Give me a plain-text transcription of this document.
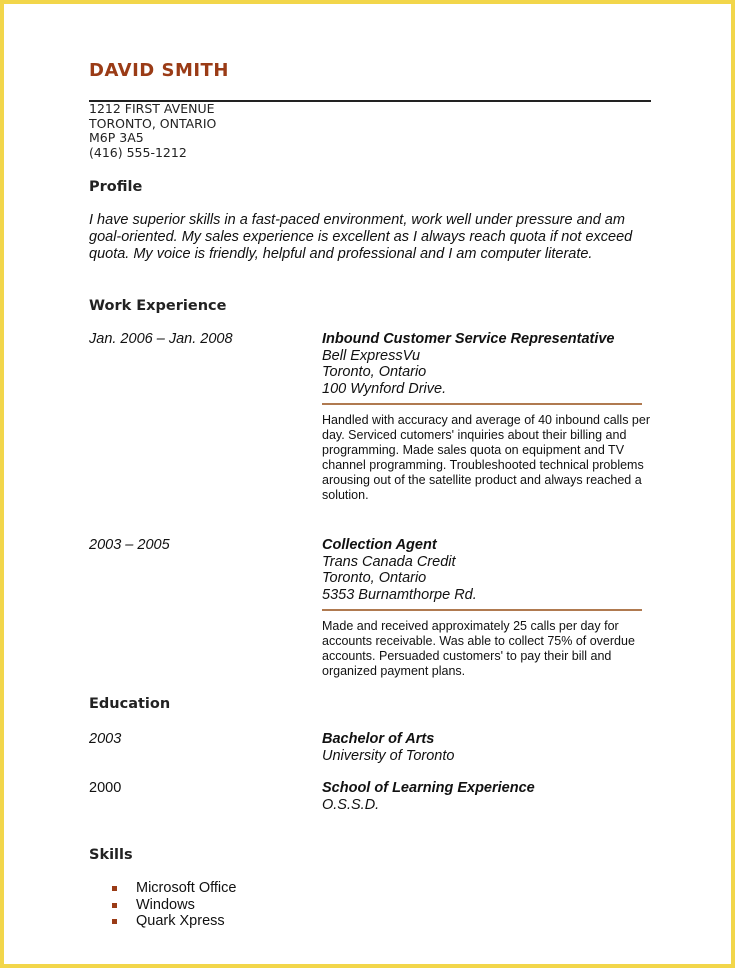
DAVID SMITH
1212 FIRST AVENUE
TORONTO, ONTARIO
M6P 3A5
(416) 555-1212
Profile
I have superior skills in a fast-paced environment, work well under pressure and am goal-oriented. My sales experience is excellent as I always reach quota if not exceed quota. My voice is friendly, helpful and professional and I am computer literate.
Work Experience
Jan. 2006 – Jan. 2008	Inbound Customer Service Representative
Bell ExpressVu
Toronto, Ontario
100 Wynford Drive.
Handled with accuracy and average of 40 inbound calls per day. Serviced cutomers' inquiries about their billing and programming. Made sales quota on equipment and TV channel programming. Troubleshooted technical problems arousing out of the satellite product and always reached a solution.
2003 – 2005	Collection Agent
Trans Canada Credit
Toronto, Ontario
5353 Burnamthorpe Rd.
Made and received approximately 25 calls per day for accounts receivable. Was able to collect 75% of overdue accounts. Persuaded customers' to pay their bill and organized payment plans.
Education
2003	Bachelor of Arts
University of Toronto
2000	School of Learning Experience
O.S.S.D.
Skills
Microsoft Office
Windows
Quark Xpress
